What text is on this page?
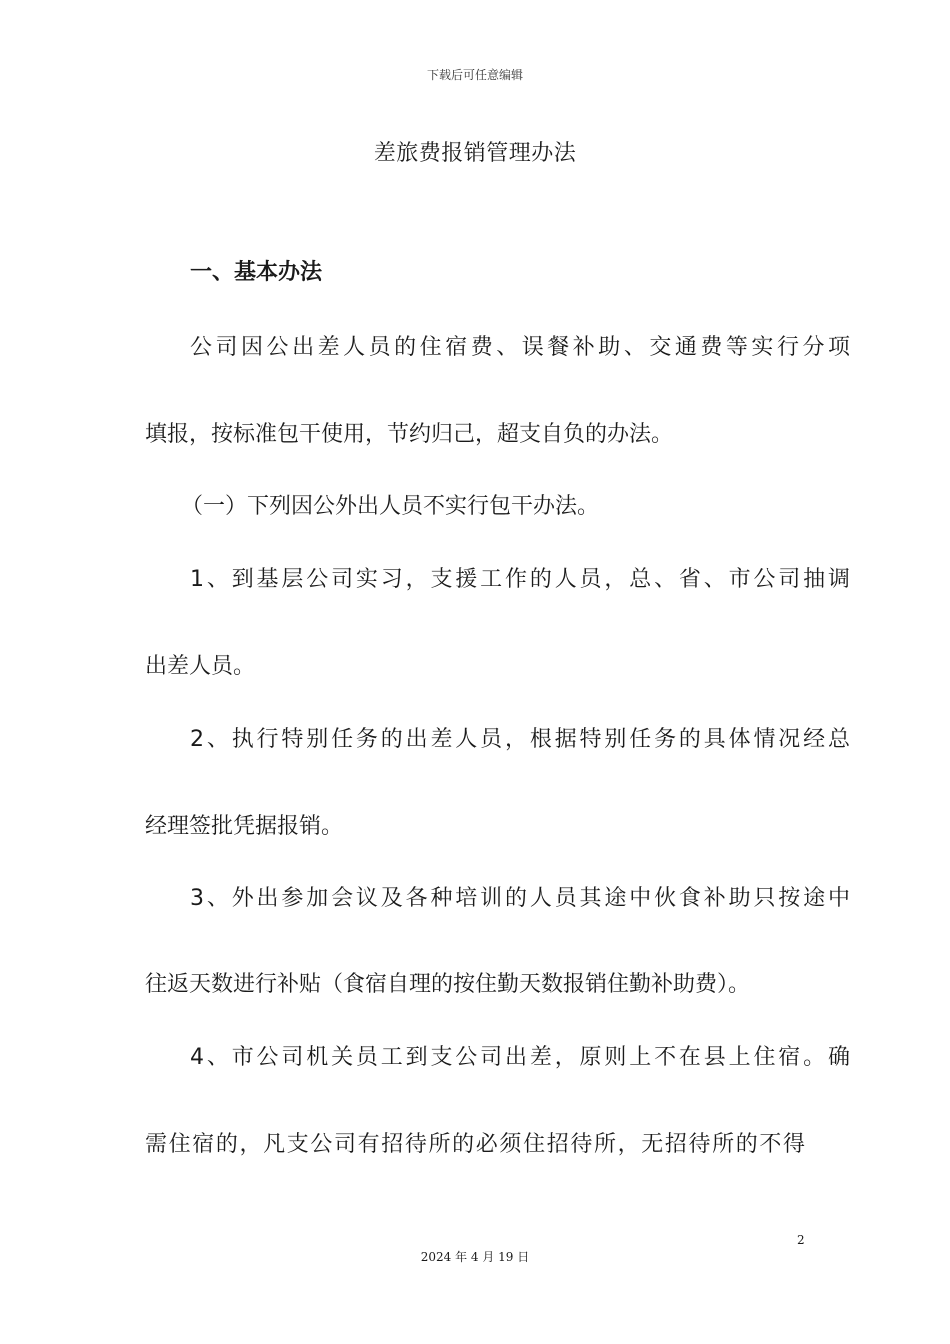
下载后可任意编辑
差旅费报销管理办法
一、基本办法
公司因公出差人员的住宿费、误餐补助、交通费等实行分项
填报，按标准包干使用，节约归己，超支自负的办法。
（一）下列因公外出人员不实行包干办法。
1、到基层公司实习，支援工作的人员，总、省、市公司抽调
出差人员。
2、执行特别任务的出差人员，根据特别任务的具体情况经总
经理签批凭据报销。
3、外出参加会议及各种培训的人员其途中伙食补助只按途中
往返天数进行补贴（食宿自理的按住勤天数报销住勤补助费）。
4、市公司机关员工到支公司出差，原则上不在县上住宿。确
需住宿的，凡支公司有招待所的必须住招待所，无招待所的不得
2
2024 年 4 月 19 日
